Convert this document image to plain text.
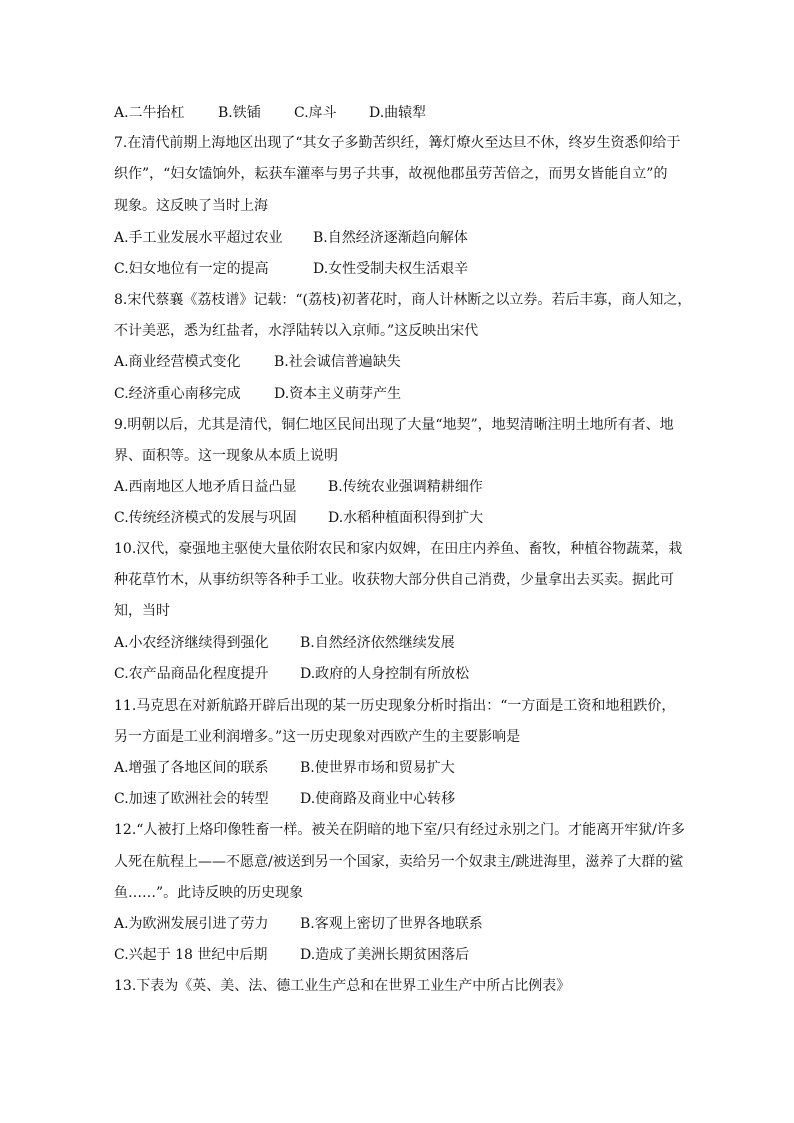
A.二牛抬杠 B.铁锸 C.戽斗 D.曲辕犁
7.在清代前期上海地区出现了“其女子多勤苦织纴，篝灯燎火至达旦不休，终岁生资悉仰给于
织作”，“妇女馌饷外，耘获车灌率与男子共事，故视他郡虽劳苦倍之，而男女皆能自立”的
现象。这反映了当时上海
A.手工业发展水平超过农业 B.自然经济逐渐趋向解体
C.妇女地位有一定的提高	D.女性受制夫权生活艰辛
8.宋代蔡襄《荔枝谱》记载：“(荔枝)初著花时，商人计林断之以立券。若后丰寡，商人知之，
不计美恶，悉为红盐者，水浮陆转以入京师。”这反映出宋代
A.商业经营模式变化 B.社会诚信普遍缺失
C.经济重心南移完成 D.资本主义萌芽产生
9.明朝以后，尤其是清代，铜仁地区民间出现了大量“地契”，地契清晰注明土地所有者、地
界、面积等。这一现象从本质上说明
A.西南地区人地矛盾日益凸显 B.传统农业强调精耕细作
C.传统经济模式的发展与巩固 D.水稻种植面积得到扩大
10.汉代，豪强地主驱使大量依附农民和家内奴婢，在田庄内养鱼、畜牧，种植谷物蔬菜，栽
种花草竹木，从事纺织等各种手工业。收获物大部分供自己消费，少量拿出去买卖。据此可
知，当时
A.小农经济继续得到强化 B.自然经济依然继续发展
C.农产品商品化程度提升 D.政府的人身控制有所放松
11.马克思在对新航路开辟后出现的某一历史现象分析时指出：“一方面是工资和地租跌价，
另一方面是工业利润增多。”这一历史现象对西欧产生的主要影响是
A.增强了各地区间的联系 B.使世界市场和贸易扩大
C.加速了欧洲社会的转型 D.使商路及商业中心转移
12.“人被打上烙印像牲畜一样。被关在阴暗的地下室/只有经过永别之门。才能离开牢狱/许多
人死在航程上——不愿意/被送到另一个国家，卖给另一个奴隶主/跳进海里，滋养了大群的鲨
鱼……”。此诗反映的历史现象
A.为欧洲发展引进了劳力 B.客观上密切了世界各地联系
C.兴起于 18 世纪中后期 D.造成了美洲长期贫困落后
13.下表为《英、美、法、德工业生产总和在世界工业生产中所占比例表》
